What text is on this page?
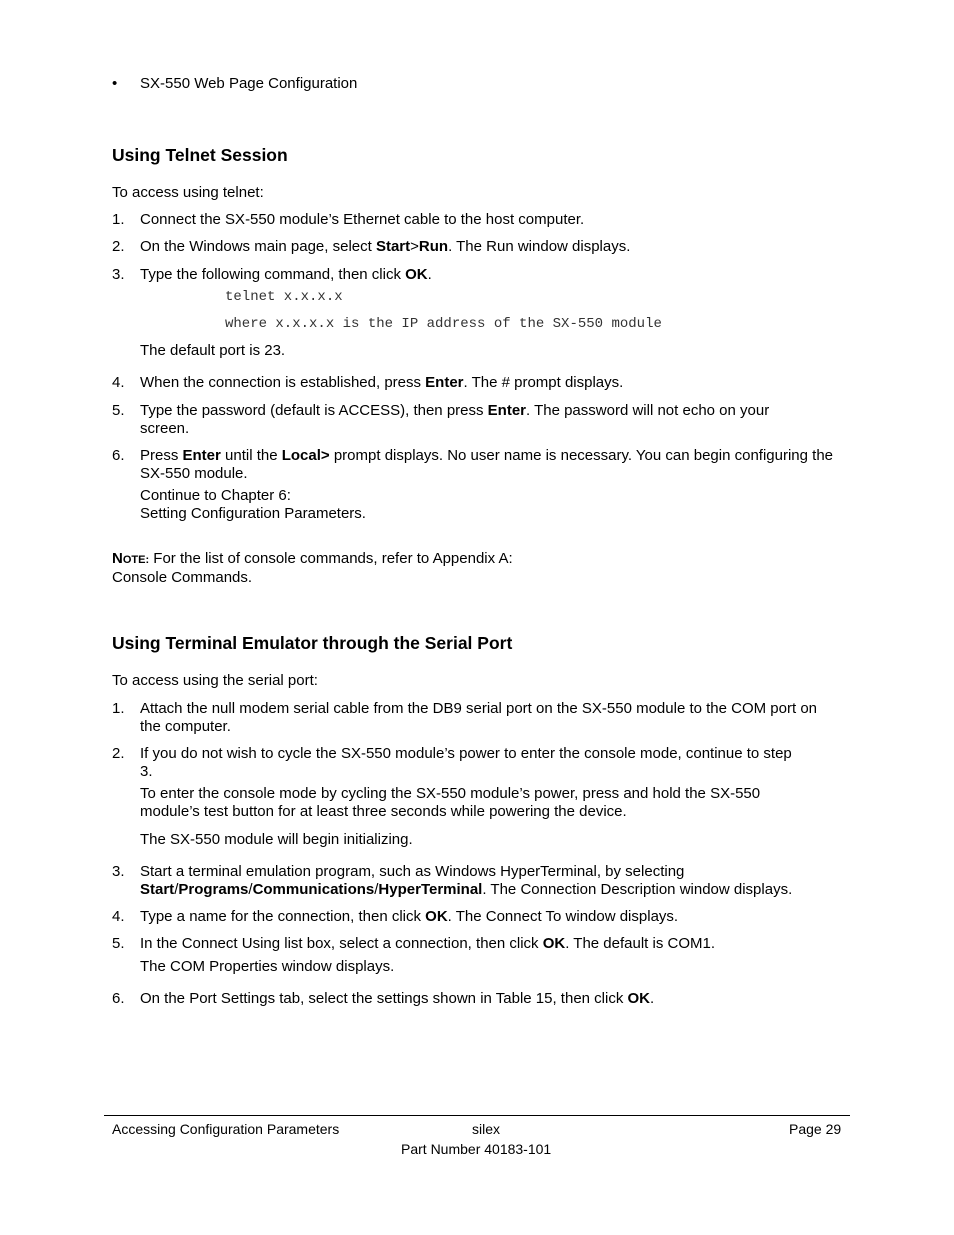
• SX-550 Web Page Configuration
Using Telnet Session
To access using telnet:
1. Connect the SX-550 module’s Ethernet cable to the host computer.
2. On the Windows main page, select Start>Run. The Run window displays.
3. Type the following command, then click OK.
telnet x.x.x.x
where x.x.x.x is the IP address of the SX-550 module
The default port is 23.
4. When the connection is established, press Enter. The # prompt displays.
5. Type the password (default is ACCESS), then press Enter. The password will not echo on your screen.
6. Press Enter until the Local> prompt displays. No user name is necessary. You can begin configuring the SX-550 module.
Continue to Chapter 6:
Setting Configuration Parameters.
NOTE: For the list of console commands, refer to Appendix A:
Console Commands.
Using Terminal Emulator through the Serial Port
To access using the serial port:
1. Attach the null modem serial cable from the DB9 serial port on the SX-550 module to the COM port on the computer.
2. If you do not wish to cycle the SX-550 module’s power to enter the console mode, continue to step 3.
To enter the console mode by cycling the SX-550 module’s power, press and hold the SX-550 module’s test button for at least three seconds while powering the device.
The SX-550 module will begin initializing.
3. Start a terminal emulation program, such as Windows HyperTerminal, by selecting Start/Programs/Communications/HyperTerminal. The Connection Description window displays.
4. Type a name for the connection, then click OK. The Connect To window displays.
5. In the Connect Using list box, select a connection, then click OK. The default is COM1.
The COM Properties window displays.
6. On the Port Settings tab, select the settings shown in Table 15, then click OK.
Accessing Configuration Parameters	silex	Page 29
Part Number 40183-101
